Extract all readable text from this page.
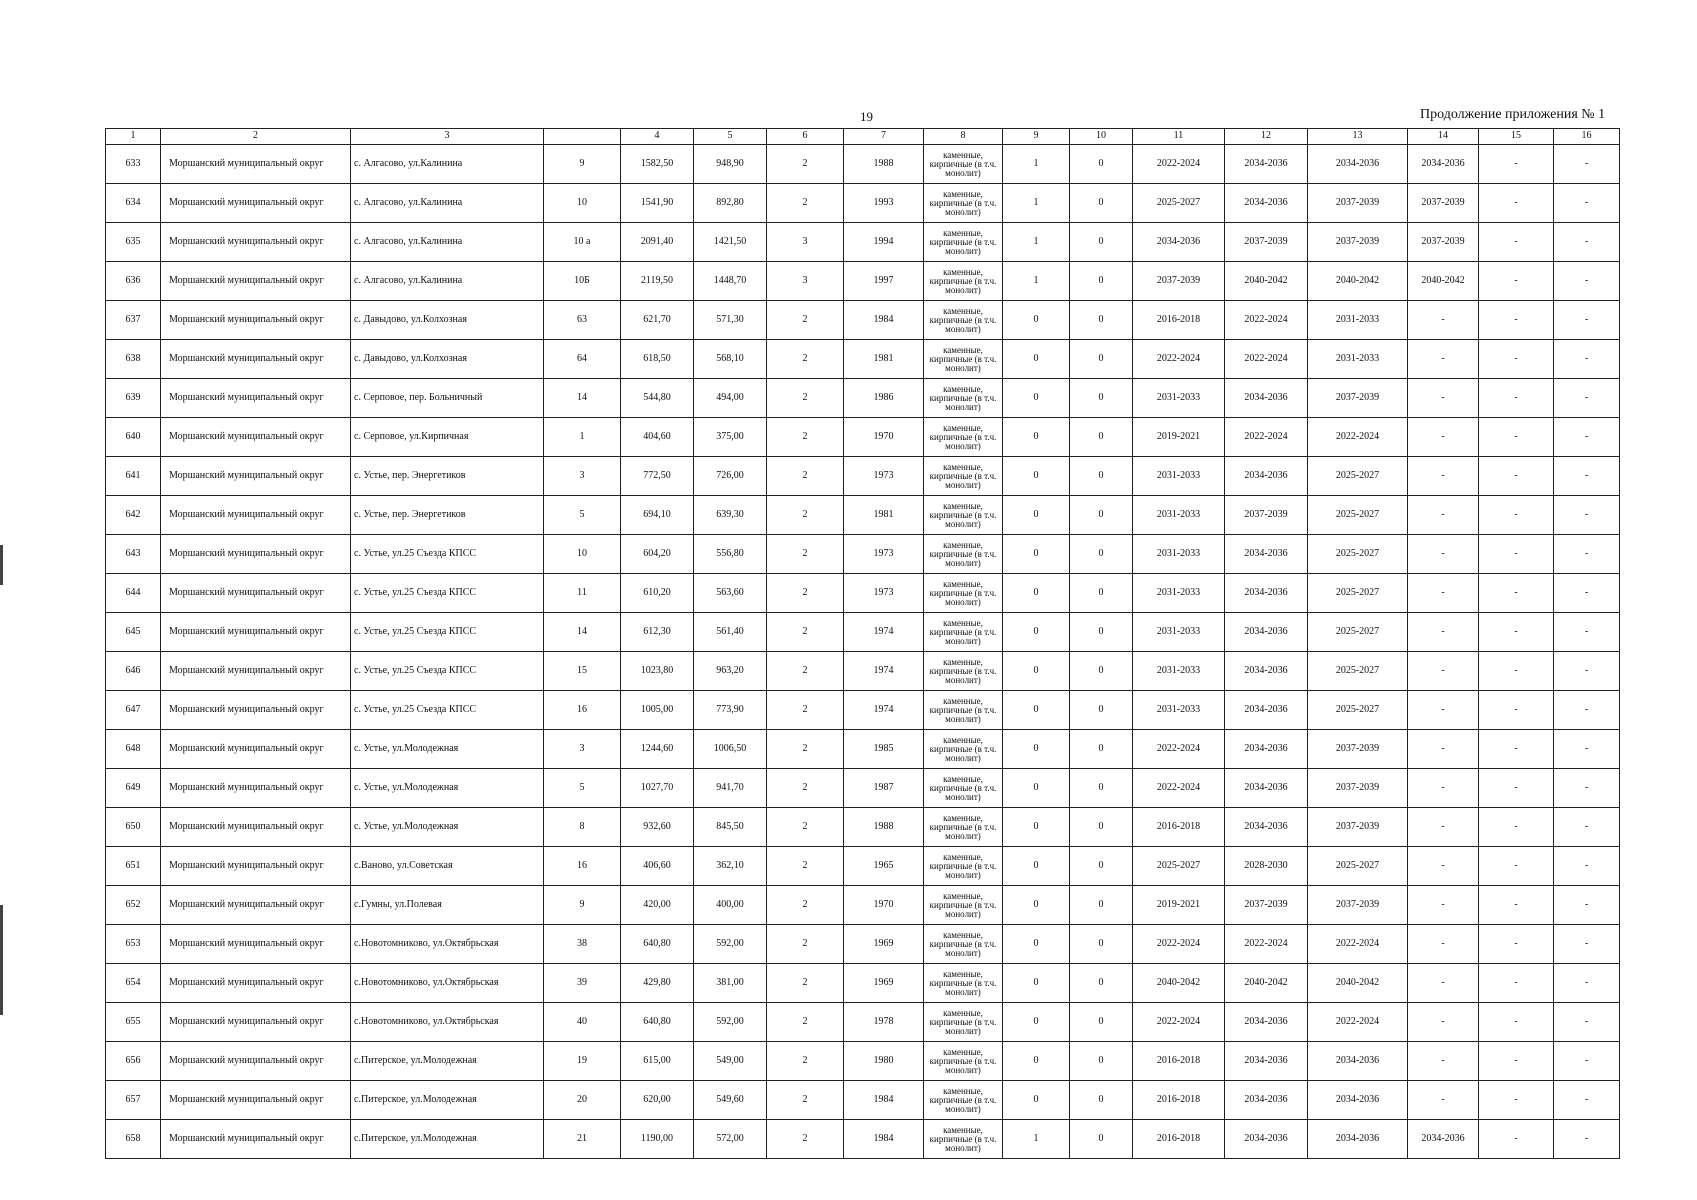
19	Продолжение приложения № 1
1	2	3		4	5	6	7	8	9	10	11	12	13	14	15	16
633	Моршанский муниципальный округ	с. Алгасово, ул.Калинина	9	1582,50	948,90	2	1988	каменные, кирпичные (в т.ч. монолит)	1	0	2022-2024	2034-2036	2034-2036	2034-2036	-	-
634	Моршанский муниципальный округ	с. Алгасово, ул.Калинина	10	1541,90	892,80	2	1993	каменные, кирпичные (в т.ч. монолит)	1	0	2025-2027	2034-2036	2037-2039	2037-2039	-	-
635	Моршанский муниципальный округ	с. Алгасово, ул.Калинина	10 а	2091,40	1421,50	3	1994	каменные, кирпичные (в т.ч. монолит)	1	0	2034-2036	2037-2039	2037-2039	2037-2039	-	-
636	Моршанский муниципальный округ	с. Алгасово, ул.Калинина	10Б	2119,50	1448,70	3	1997	каменные, кирпичные (в т.ч. монолит)	1	0	2037-2039	2040-2042	2040-2042	2040-2042	-	-
637	Моршанский муниципальный округ	с. Давыдово, ул.Колхозная	63	621,70	571,30	2	1984	каменные, кирпичные (в т.ч. монолит)	0	0	2016-2018	2022-2024	2031-2033	-	-	-
638	Моршанский муниципальный округ	с. Давыдово, ул.Колхозная	64	618,50	568,10	2	1981	каменные, кирпичные (в т.ч. монолит)	0	0	2022-2024	2022-2024	2031-2033	-	-	-
639	Моршанский муниципальный округ	с. Серповое, пер. Больничный	14	544,80	494,00	2	1986	каменные, кирпичные (в т.ч. монолит)	0	0	2031-2033	2034-2036	2037-2039	-	-	-
640	Моршанский муниципальный округ	с. Серповое, ул.Кирпичная	1	404,60	375,00	2	1970	каменные, кирпичные (в т.ч. монолит)	0	0	2019-2021	2022-2024	2022-2024	-	-	-
641	Моршанский муниципальный округ	с. Устье, пер. Энергетиков	3	772,50	726,00	2	1973	каменные, кирпичные (в т.ч. монолит)	0	0	2031-2033	2034-2036	2025-2027	-	-	-
642	Моршанский муниципальный округ	с. Устье, пер. Энергетиков	5	694,10	639,30	2	1981	каменные, кирпичные (в т.ч. монолит)	0	0	2031-2033	2037-2039	2025-2027	-	-	-
643	Моршанский муниципальный округ	с. Устье, ул.25 Съезда КПСС	10	604,20	556,80	2	1973	каменные, кирпичные (в т.ч. монолит)	0	0	2031-2033	2034-2036	2025-2027	-	-	-
644	Моршанский муниципальный округ	с. Устье, ул.25 Съезда КПСС	11	610,20	563,60	2	1973	каменные, кирпичные (в т.ч. монолит)	0	0	2031-2033	2034-2036	2025-2027	-	-	-
645	Моршанский муниципальный округ	с. Устье, ул.25 Съезда КПСС	14	612,30	561,40	2	1974	каменные, кирпичные (в т.ч. монолит)	0	0	2031-2033	2034-2036	2025-2027	-	-	-
646	Моршанский муниципальный округ	с. Устье, ул.25 Съезда КПСС	15	1023,80	963,20	2	1974	каменные, кирпичные (в т.ч. монолит)	0	0	2031-2033	2034-2036	2025-2027	-	-	-
647	Моршанский муниципальный округ	с. Устье, ул.25 Съезда КПСС	16	1005,00	773,90	2	1974	каменные, кирпичные (в т.ч. монолит)	0	0	2031-2033	2034-2036	2025-2027	-	-	-
648	Моршанский муниципальный округ	с. Устье, ул.Молодежная	3	1244,60	1006,50	2	1985	каменные, кирпичные (в т.ч. монолит)	0	0	2022-2024	2034-2036	2037-2039	-	-	-
649	Моршанский муниципальный округ	с. Устье, ул.Молодежная	5	1027,70	941,70	2	1987	каменные, кирпичные (в т.ч. монолит)	0	0	2022-2024	2034-2036	2037-2039	-	-	-
650	Моршанский муниципальный округ	с. Устье, ул.Молодежная	8	932,60	845,50	2	1988	каменные, кирпичные (в т.ч. монолит)	0	0	2016-2018	2034-2036	2037-2039	-	-	-
651	Моршанский муниципальный округ	с.Ваново, ул.Советская	16	406,60	362,10	2	1965	каменные, кирпичные (в т.ч. монолит)	0	0	2025-2027	2028-2030	2025-2027	-	-	-
652	Моршанский муниципальный округ	с.Гумны, ул.Полевая	9	420,00	400,00	2	1970	каменные, кирпичные (в т.ч. монолит)	0	0	2019-2021	2037-2039	2037-2039	-	-	-
653	Моршанский муниципальный округ	с.Новотомниково, ул.Октябрьская	38	640,80	592,00	2	1969	каменные, кирпичные (в т.ч. монолит)	0	0	2022-2024	2022-2024	2022-2024	-	-	-
654	Моршанский муниципальный округ	с.Новотомниково, ул.Октябрьская	39	429,80	381,00	2	1969	каменные, кирпичные (в т.ч. монолит)	0	0	2040-2042	2040-2042	2040-2042	-	-	-
655	Моршанский муниципальный округ	с.Новотомниково, ул.Октябрьская	40	640,80	592,00	2	1978	каменные, кирпичные (в т.ч. монолит)	0	0	2022-2024	2034-2036	2022-2024	-	-	-
656	Моршанский муниципальный округ	с.Питерское, ул.Молодежная	19	615,00	549,00	2	1980	каменные, кирпичные (в т.ч. монолит)	0	0	2016-2018	2034-2036	2034-2036	-	-	-
657	Моршанский муниципальный округ	с.Питерское, ул.Молодежная	20	620,00	549,60	2	1984	каменные, кирпичные (в т.ч. монолит)	0	0	2016-2018	2034-2036	2034-2036	-	-	-
658	Моршанский муниципальный округ	с.Питерское, ул.Молодежная	21	1190,00	572,00	2	1984	каменные, кирпичные (в т.ч. монолит)	1	0	2016-2018	2034-2036	2034-2036	2034-2036	-	-
